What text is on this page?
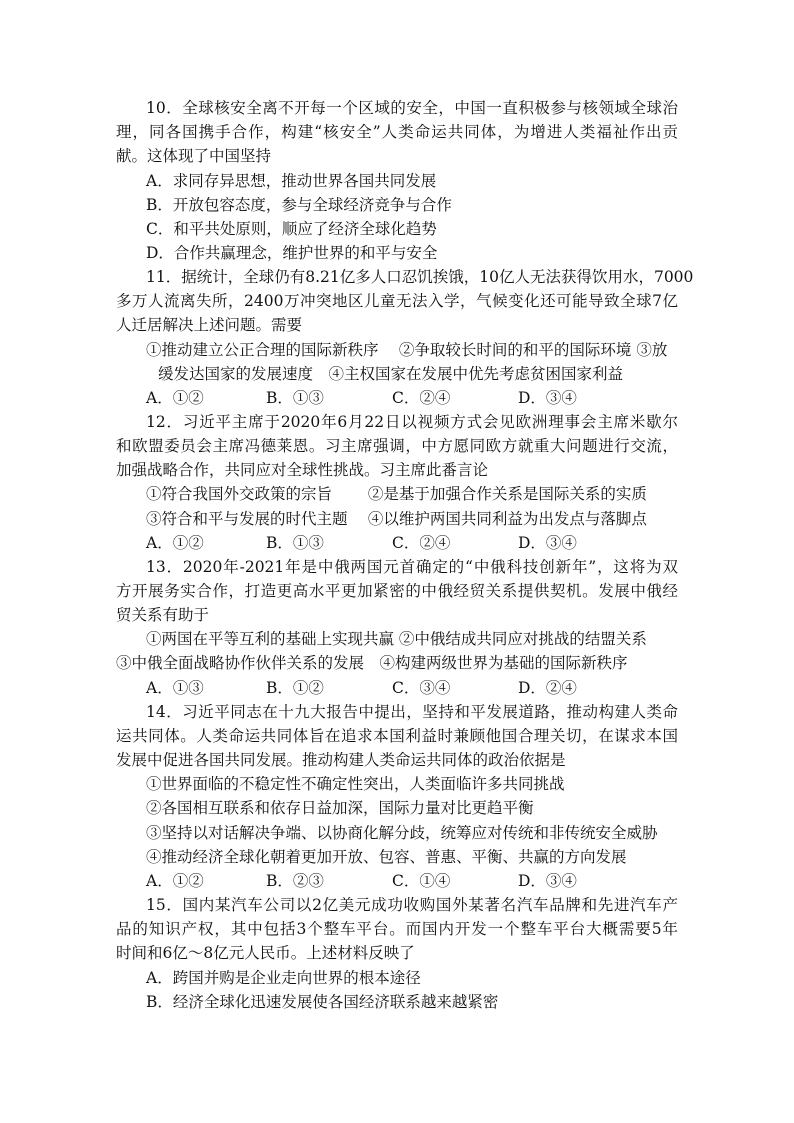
10．全球核安全离不开每一个区域的安全，中国一直积极参与核领域全球治
理，同各国携手合作，构建“核安全”人类命运共同体，为增进人类福祉作出贡
献。这体现了中国坚持
A．求同存异思想，推动世界各国共同发展
B．开放包容态度，参与全球经济竞争与合作
C．和平共处原则，顺应了经济全球化趋势
D．合作共赢理念，维护世界的和平与安全
11．据统计，全球仍有8.21亿多人口忍饥挨饿，10亿人无法获得饮用水，7000
多万人流离失所，2400万冲突地区儿童无法入学，气候变化还可能导致全球7亿
人迁居解决上述问题。需要
①推动建立公正合理的国际新秩序　 ②争取较长时间的和平的国际环境 ③放
缓发达国家的发展速度　④主权国家在发展中优先考虑贫困国家利益
A．①②	B．①③	C．②④	D．③④
12．习近平主席于2020年6月22日以视频方式会见欧洲理事会主席米歇尔
和欧盟委员会主席冯德莱恩。习主席强调，中方愿同欧方就重大问题进行交流，
加强战略合作，共同应对全球性挑战。习主席此番言论
①符合我国外交政策的宗旨　　 ②是基于加强合作关系是国际关系的实质
③符合和平与发展的时代主题　 ④以维护两国共同利益为出发点与落脚点
A．①②	B．①③	C．②④	D．③④
13．2020年-2021年是中俄两国元首确定的“中俄科技创新年”，这将为双
方开展务实合作，打造更高水平更加紧密的中俄经贸关系提供契机。发展中俄经
贸关系有助于
①两国在平等互利的基础上实现共赢 ②中俄结成共同应对挑战的结盟关系
③中俄全面战略协作伙伴关系的发展　④构建两级世界为基础的国际新秩序
A．①③	B．①②	C．③④	D．②④
14．习近平同志在十九大报告中提出，坚持和平发展道路，推动构建人类命
运共同体。人类命运共同体旨在追求本国利益时兼顾他国合理关切，在谋求本国
发展中促进各国共同发展。推动构建人类命运共同体的政治依据是
①世界面临的不稳定性不确定性突出，人类面临许多共同挑战
②各国相互联系和依存日益加深，国际力量对比更趋平衡
③坚持以对话解决争端、以协商化解分歧，统筹应对传统和非传统安全威胁
④推动经济全球化朝着更加开放、包容、普惠、平衡、共赢的方向发展
A．①②	B．②③	C．①④	D．③④
15．国内某汽车公司以2亿美元成功收购国外某著名汽车品牌和先进汽车产
品的知识产权，其中包括3个整车平台。而国内开发一个整车平台大概需要5年
时间和6亿～8亿元人民币。上述材料反映了
A．跨国并购是企业走向世界的根本途径
B．经济全球化迅速发展使各国经济联系越来越紧密
